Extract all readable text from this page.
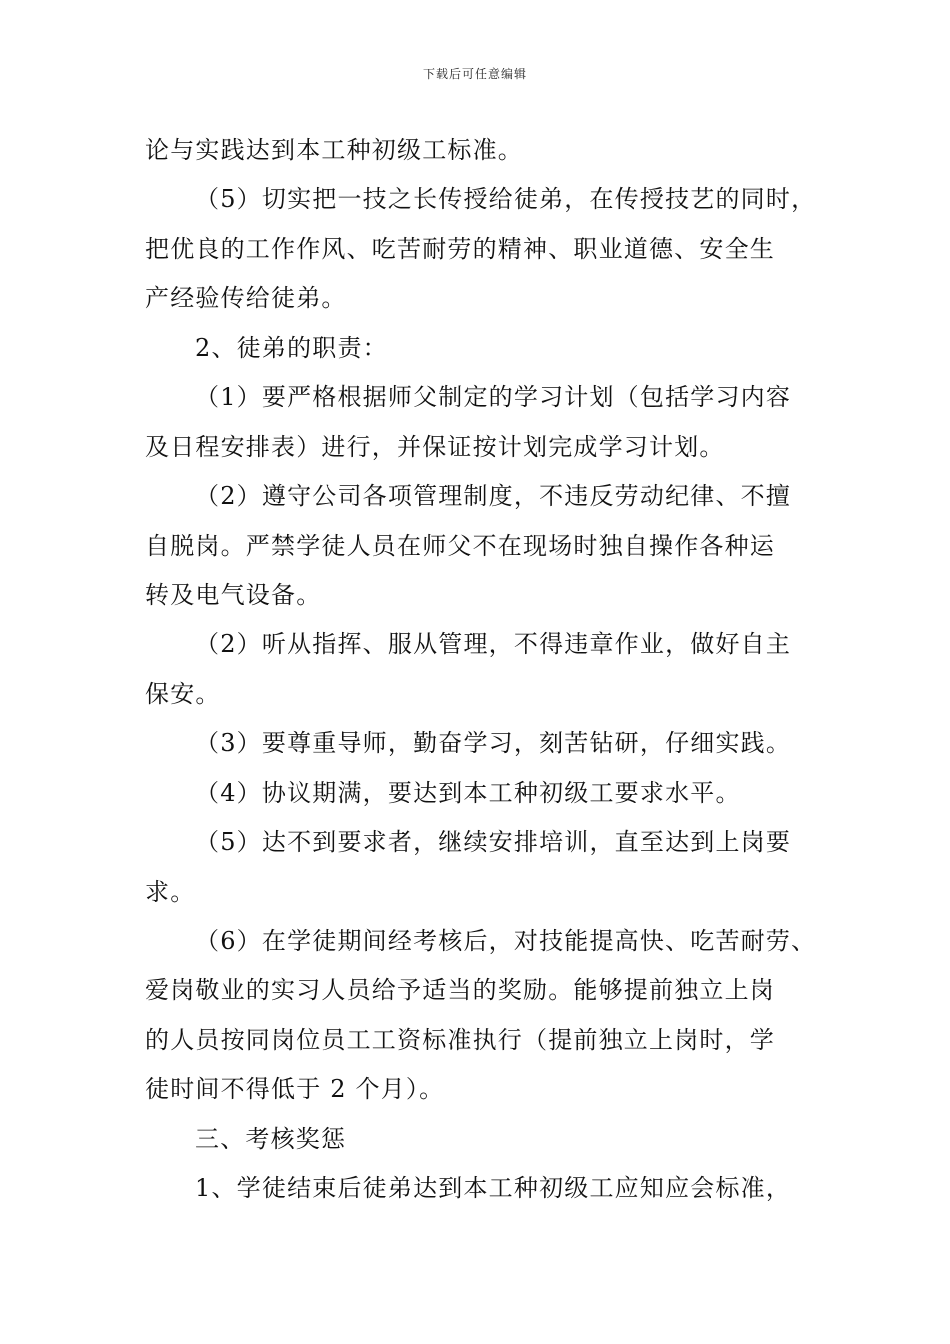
下载后可任意编辑
论与实践达到本工种初级工标准。
（5）切实把一技之长传授给徒弟，在传授技艺的同时，
把优良的工作作风、吃苦耐劳的精神、职业道德、安全生
产经验传给徒弟。
2、徒弟的职责：
（1）要严格根据师父制定的学习计划（包括学习内容
及日程安排表）进行，并保证按计划完成学习计划。
（2）遵守公司各项管理制度，不违反劳动纪律、不擅
自脱岗。严禁学徒人员在师父不在现场时独自操作各种运
转及电气设备。
（2）听从指挥、服从管理，不得违章作业，做好自主
保安。
（3）要尊重导师，勤奋学习，刻苦钻研，仔细实践。
（4）协议期满，要达到本工种初级工要求水平。
（5）达不到要求者，继续安排培训，直至达到上岗要
求。
（6）在学徒期间经考核后，对技能提高快、吃苦耐劳、
爱岗敬业的实习人员给予适当的奖励。能够提前独立上岗
的人员按同岗位员工工资标准执行（提前独立上岗时，学
徒时间不得低于 2 个月）。
三、考核奖惩
1、学徒结束后徒弟达到本工种初级工应知应会标准，
